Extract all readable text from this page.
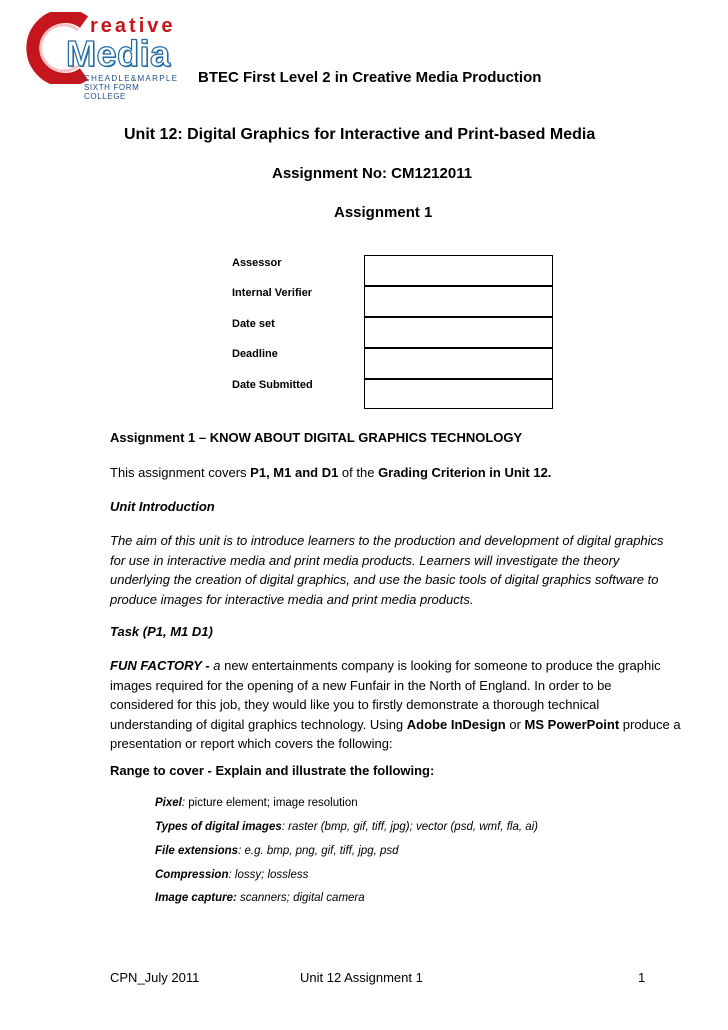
reative
Media
CHEADLE&MARPLE
SIXTH FORM COLLEGE
BTEC First Level 2 in Creative Media Production
Unit 12: Digital Graphics for Interactive and Print-based Media
Assignment No: CM1212011
Assignment 1
Assessor
Internal Verifier
Date set
Deadline
Date Submitted
Assignment 1 – KNOW ABOUT DIGITAL GRAPHICS TECHNOLOGY
This assignment covers P1, M1 and D1 of the Grading Criterion in Unit 12.
Unit Introduction
The aim of this unit is to introduce learners to the production and development of digital graphics
for use in interactive media and print media products. Learners will investigate the theory
underlying the creation of digital graphics, and use the basic tools of digital graphics software to
produce images for interactive media and print media products.
Task (P1, M1 D1)
FUN FACTORY - a new entertainments company is looking for someone to produce the graphic
images required for the opening of a new Funfair in the North of England. In order to be
considered for this job, they would like you to firstly demonstrate a thorough technical
understanding of digital graphics technology. Using Adobe InDesign or MS PowerPoint produce a
presentation or report which covers the following:
Range to cover - Explain and illustrate the following:
Pixel: picture element; image resolution
Types of digital images: raster (bmp, gif, tiff, jpg); vector (psd, wmf, fla, ai)
File extensions: e.g. bmp, png, gif, tiff, jpg, psd
Compression: lossy; lossless
Image capture: scanners; digital camera
CPN_July 2011	Unit 12 Assignment 1	1
